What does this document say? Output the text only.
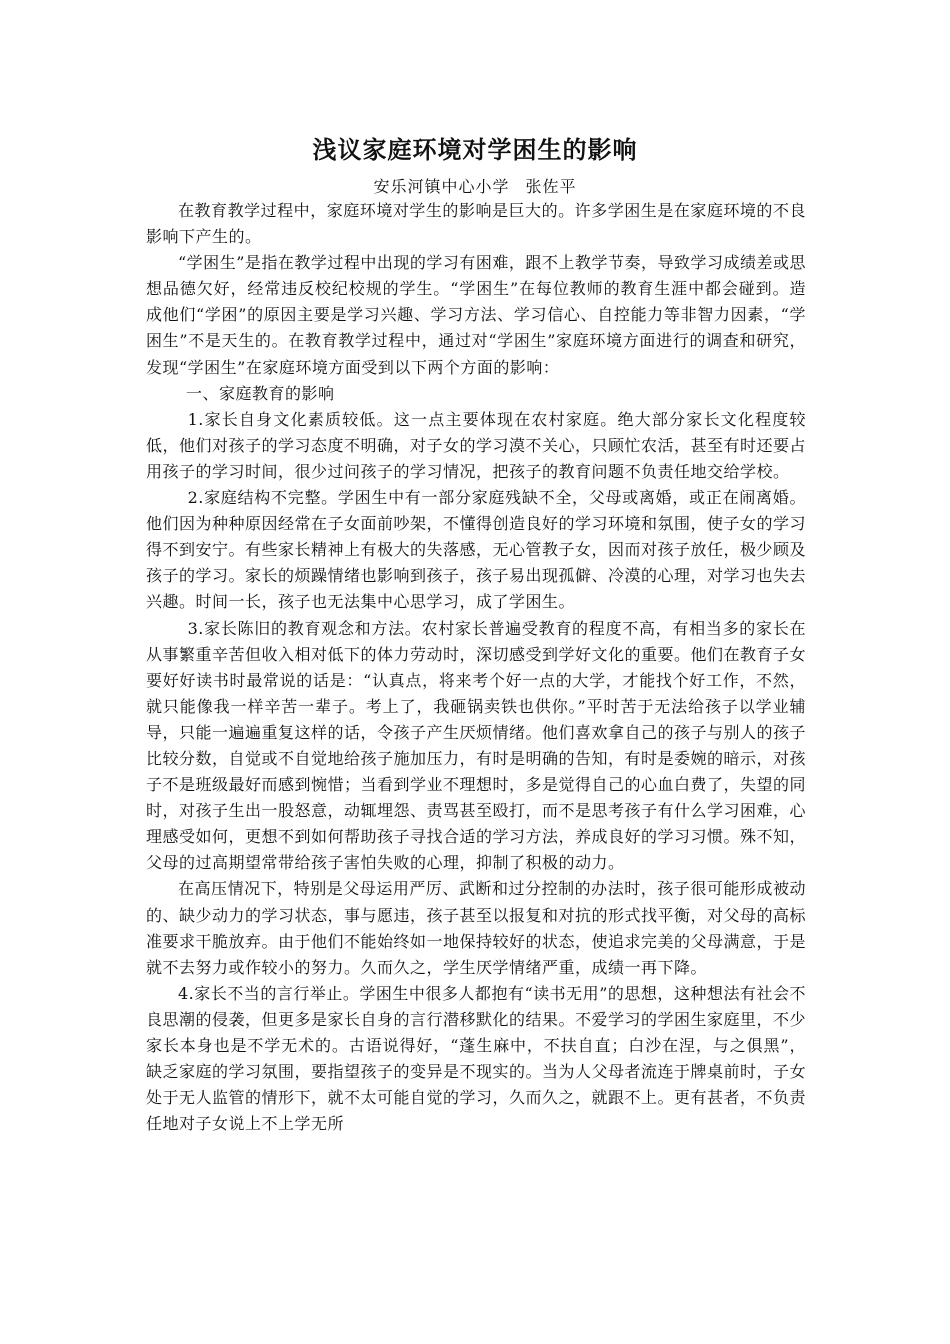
浅议家庭环境对学困生的影响
安乐河镇中心小学 张佐平

在教育教学过程中，家庭环境对学生的影响是巨大的。许多学困生是在家庭环境的不良影响下产生的。

“学困生”是指在教学过程中出现的学习有困难，跟不上教学节奏，导致学习成绩差或思想品德欠好，经常违反校纪校规的学生。“学困生”在每位教师的教育生涯中都会碰到。造成他们“学困”的原因主要是学习兴趣、学习方法、学习信心、自控能力等非智力因素，“学困生”不是天生的。在教育教学过程中，通过对“学困生”家庭环境方面进行的调查和研究，发现“学困生”在家庭环境方面受到以下两个方面的影响：

一、家庭教育的影响

1.家长自身文化素质较低。这一点主要体现在农村家庭。绝大部分家长文化程度较低，他们对孩子的学习态度不明确，对子女的学习漠不关心，只顾忙农活，甚至有时还要占用孩子的学习时间，很少过问孩子的学习情况，把孩子的教育问题不负责任地交给学校。

2.家庭结构不完整。学困生中有一部分家庭残缺不全，父母或离婚，或正在闹离婚。他们因为种种原因经常在子女面前吵架，不懂得创造良好的学习环境和氛围，使子女的学习得不到安宁。有些家长精神上有极大的失落感，无心管教子女，因而对孩子放任，极少顾及孩子的学习。家长的烦躁情绪也影响到孩子，孩子易出现孤僻、冷漠的心理，对学习也失去兴趣。时间一长，孩子也无法集中心思学习，成了学困生。

3.家长陈旧的教育观念和方法。农村家长普遍受教育的程度不高，有相当多的家长在从事繁重辛苦但收入相对低下的体力劳动时，深切感受到学好文化的重要。他们在教育子女要好好读书时最常说的话是：“认真点，将来考个好一点的大学，才能找个好工作，不然，就只能像我一样辛苦一辈子。考上了，我砸锅卖铁也供你。”平时苦于无法给孩子以学业辅导，只能一遍遍重复这样的话，令孩子产生厌烦情绪。他们喜欢拿自己的孩子与别人的孩子比较分数，自觉或不自觉地给孩子施加压力，有时是明确的告知，有时是委婉的暗示，对孩子不是班级最好而感到惋惜；当看到学业不理想时，多是觉得自己的心血白费了，失望的同时，对孩子生出一股怒意，动辄埋怨、责骂甚至殴打，而不是思考孩子有什么学习困难，心理感受如何，更想不到如何帮助孩子寻找合适的学习方法，养成良好的学习习惯。殊不知，父母的过高期望常带给孩子害怕失败的心理，抑制了积极的动力。

在高压情况下，特别是父母运用严厉、武断和过分控制的办法时，孩子很可能形成被动的、缺少动力的学习状态，事与愿违，孩子甚至以报复和对抗的形式找平衡，对父母的高标准要求干脆放弃。由于他们不能始终如一地保持较好的状态，使追求完美的父母满意，于是就不去努力或作较小的努力。久而久之，学生厌学情绪严重，成绩一再下降。

4.家长不当的言行举止。学困生中很多人都抱有“读书无用”的思想，这种想法有社会不良思潮的侵袭，但更多是家长自身的言行潜移默化的结果。不爱学习的学困生家庭里，不少家长本身也是不学无术的。古语说得好，“蓬生麻中，不扶自直；白沙在涅，与之俱黑”，缺乏家庭的学习氛围，要指望孩子的变异是不现实的。当为人父母者流连于牌桌前时，子女处于无人监管的情形下，就不太可能自觉的学习，久而久之，就跟不上。更有甚者，不负责任地对子女说上不上学无所
